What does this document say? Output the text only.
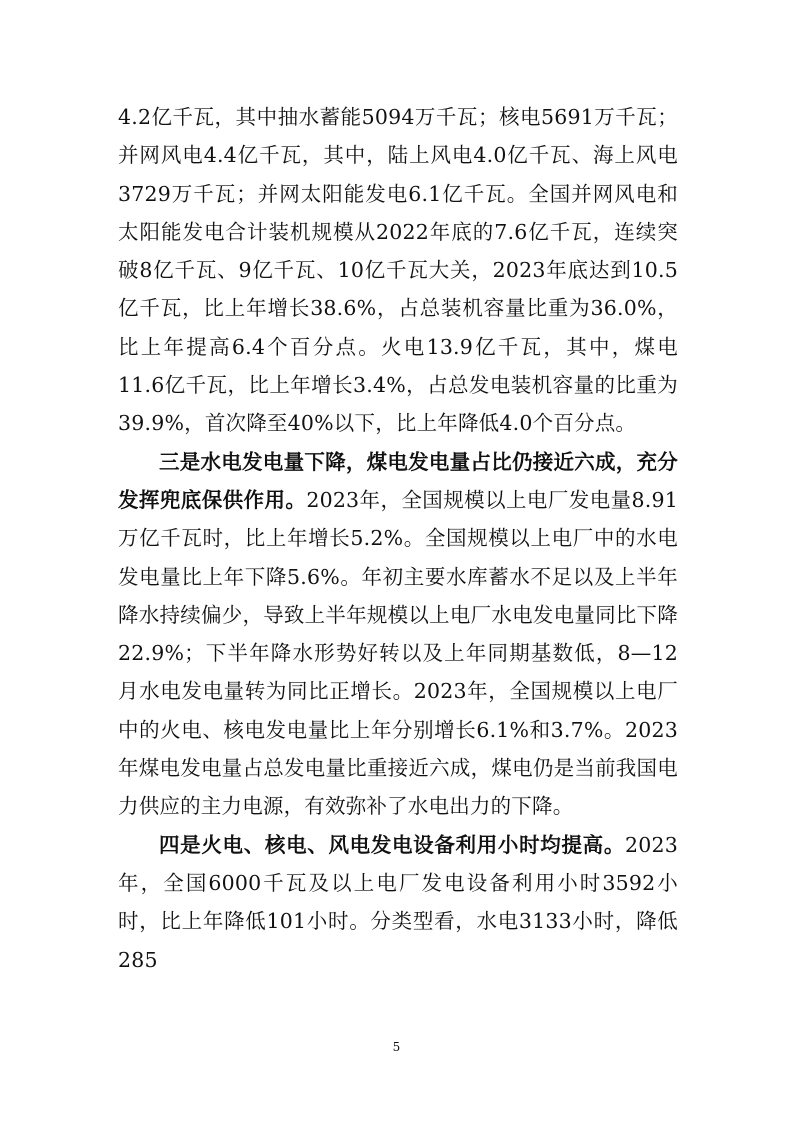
4.2亿千瓦，其中抽水蓄能5094万千瓦；核电5691万千瓦；并网风电4.4亿千瓦，其中，陆上风电4.0亿千瓦、海上风电3729万千瓦；并网太阳能发电6.1亿千瓦。全国并网风电和太阳能发电合计装机规模从2022年底的7.6亿千瓦，连续突破8亿千瓦、9亿千瓦、10亿千瓦大关，2023年底达到10.5亿千瓦，比上年增长38.6%，占总装机容量比重为36.0%，比上年提高6.4个百分点。火电13.9亿千瓦，其中，煤电11.6亿千瓦，比上年增长3.4%，占总发电装机容量的比重为39.9%，首次降至40%以下，比上年降低4.0个百分点。

三是水电发电量下降，煤电发电量占比仍接近六成，充分发挥兜底保供作用。2023年，全国规模以上电厂发电量8.91万亿千瓦时，比上年增长5.2%。全国规模以上电厂中的水电发电量比上年下降5.6%。年初主要水库蓄水不足以及上半年降水持续偏少，导致上半年规模以上电厂水电发电量同比下降22.9%；下半年降水形势好转以及上年同期基数低，8—12月水电发电量转为同比正增长。2023年，全国规模以上电厂中的火电、核电发电量比上年分别增长6.1%和3.7%。2023年煤电发电量占总发电量比重接近六成，煤电仍是当前我国电力供应的主力电源，有效弥补了水电出力的下降。

四是火电、核电、风电发电设备利用小时均提高。2023年，全国6000千瓦及以上电厂发电设备利用小时3592小时，比上年降低101小时。分类型看，水电3133小时，降低285

5
